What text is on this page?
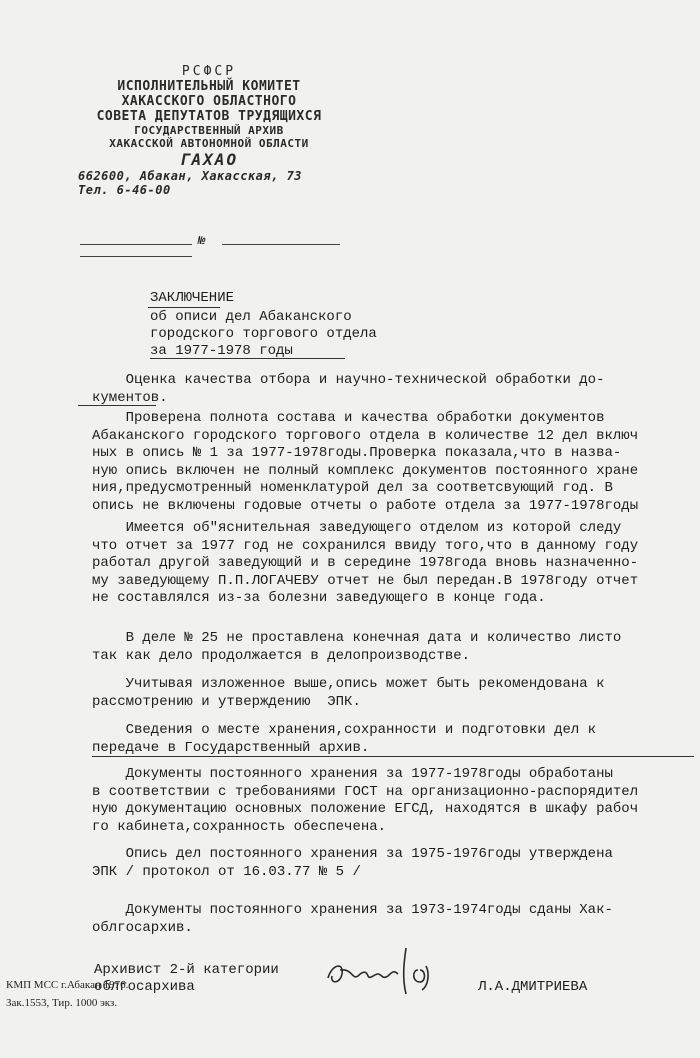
РСФСР
ИСПОЛНИТЕЛЬНЫЙ КОМИТЕТ
ХАКАССКОГО ОБЛАСТНОГО
СОВЕТА ДЕПУТАТОВ ТРУДЯЩИХСЯ
ГОСУДАРСТВЕННЫЙ АРХИВ
ХАКАССКОЙ АВТОНОМНОЙ ОБЛАСТИ
ГАХАО
662600, Абакан, Хакасская, 73
Тел. 6-46-00
№
ЗАКЛЮЧЕНИЕ
об описи дел Абаканского
городского торгового отдела
за 1977-1978 годы
Оценка качества отбора и научно-технической обработки до-
кументов.
Проверена полнота состава и качества обработки документов
Абаканского городского торгового отдела в количестве 12 дел включ
ных в опись № 1 за 1977-1978годы.Проверка показала,что в назва-
ную опись включен не полный комплекс документов постоянного хране
ния,предусмотренный номенклатурой дел за соответсвующий год. В
опись не включены годовые отчеты о работе отдела за 1977-1978годы
Имеется об"яснительная заведующего отделом из которой следу
что отчет за 1977 год не сохранился ввиду того,что в данному году
работал другой заведующий и в середине 1978года вновь назначенно-
му заведующему П.П.ЛОГАЧЕВУ отчет не был передан.В 1978году отчет
не составлялся из-за болезни заведующего в конце года.
В деле № 25 не проставлена конечная дата и количество листо
так как дело продолжается в делопроизводстве.
Учитывая изложенное выше,опись может быть рекомендована к
рассмотрению и утверждению  ЭПК.
Сведения о месте хранения,сохранности и подготовки дел к
передаче в Государственный архив.
Документы постоянного хранения за 1977-1978годы обработаны
в соответствии с требованиями ГОСТ на организационно-распорядител
ную документацию основных положение ЕГСД, находятся в шкафу рабоч
го кабинета,сохранность обеспечена.
Опись дел постоянного хранения за 1975-1976годы утверждена
ЭПК / протокол от 16.03.77 № 5 /
Документы постоянного хранения за 1973-1974годы сданы Хак-
облгосархив.
Архивист 2-й категории
облгосархива	Л.А.ДМИТРИЕВА
КМП МСС г.Абакан 1976.
Зак.1553, Тир. 1000 экз.
